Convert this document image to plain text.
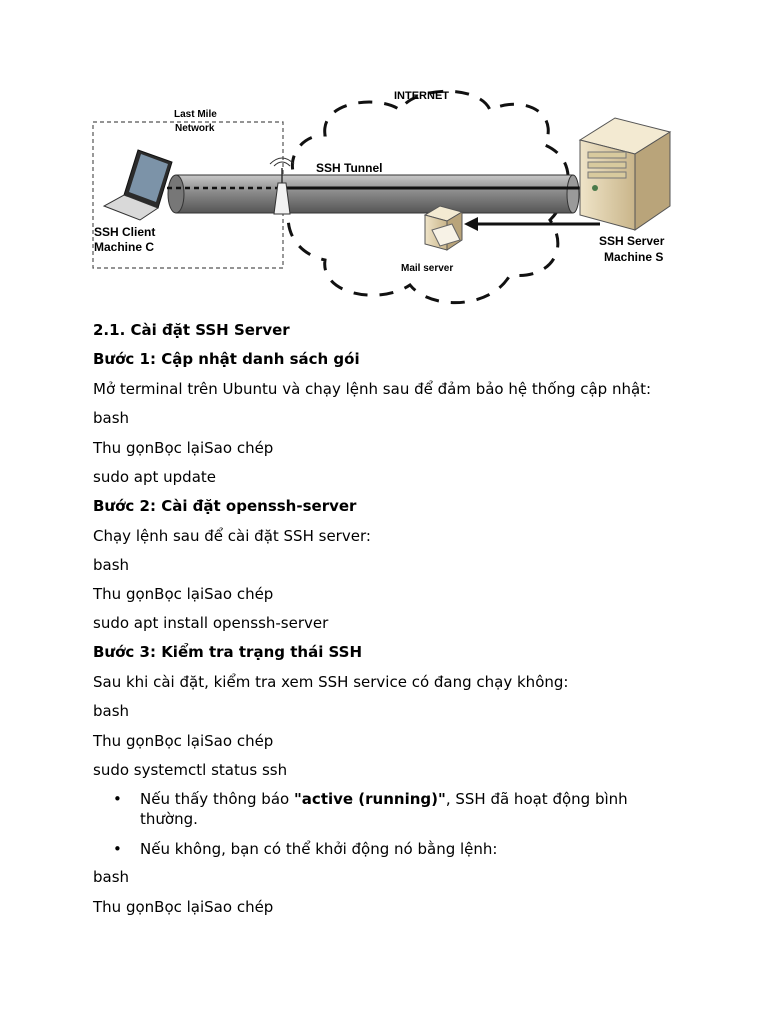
INTERNET
Last Mile
Network
SSH Tunnel
SSH Client
Machine C	SSH Server
Machine S
Mail server
2.1. Cài đặt SSH Server
Bước 1: Cập nhật danh sách gói
Mở terminal trên Ubuntu và chạy lệnh sau để đảm bảo hệ thống cập nhật:
bash
Thu gọnBọc lạiSao chép
sudo apt update
Bước 2: Cài đặt openssh-server
Chạy lệnh sau để cài đặt SSH server:
bash
Thu gọnBọc lạiSao chép
sudo apt install openssh-server
Bước 3: Kiểm tra trạng thái SSH
Sau khi cài đặt, kiểm tra xem SSH service có đang chạy không:
bash
Thu gọnBọc lạiSao chép
sudo systemctl status ssh
• Nếu thấy thông báo "active (running)", SSH đã hoạt động bình thường.
• Nếu không, bạn có thể khởi động nó bằng lệnh:
bash
Thu gọnBọc lạiSao chép
